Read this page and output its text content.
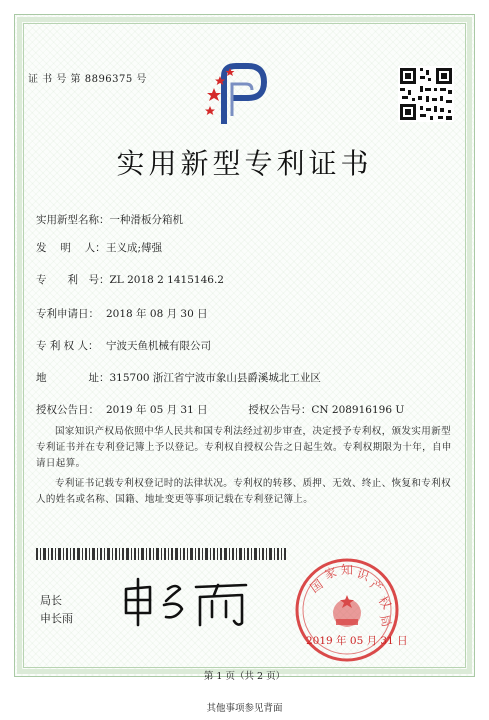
证 书 号 第 8896375 号
实用新型专利证书
实用新型名称：一种滑板分箱机
发　 明　 人：王义成;傅强
专　　利　号：ZL 2018 2 1415146.2
专利申请日： 2018 年 08 月 30 日
专 利 权 人： 宁波天鱼机械有限公司
地　　　　址：315700 浙江省宁波市象山县爵溪城北工业区
授权公告日： 2019 年 05 月 31 日	授权公告号：CN 208916196 U
国家知识产权局依照中华人民共和国专利法经过初步审查，决定授予专利权，颁发实用新型专利证书并在专利登记簿上予以登记。专利权自授权公告之日起生效。专利权期限为十年，自申请日起算。
专利证书记载专利权登记时的法律状况。专利权的转移、质押、无效、终止、恢复和专利权人的姓名或名称、国籍、地址变更等事项记载在专利登记簿上。
局长
申长雨
国
家 知 识
产
权
局
2019 年 05 月 31 日
第 1 页（共 2 页）
其他事项参见背面
